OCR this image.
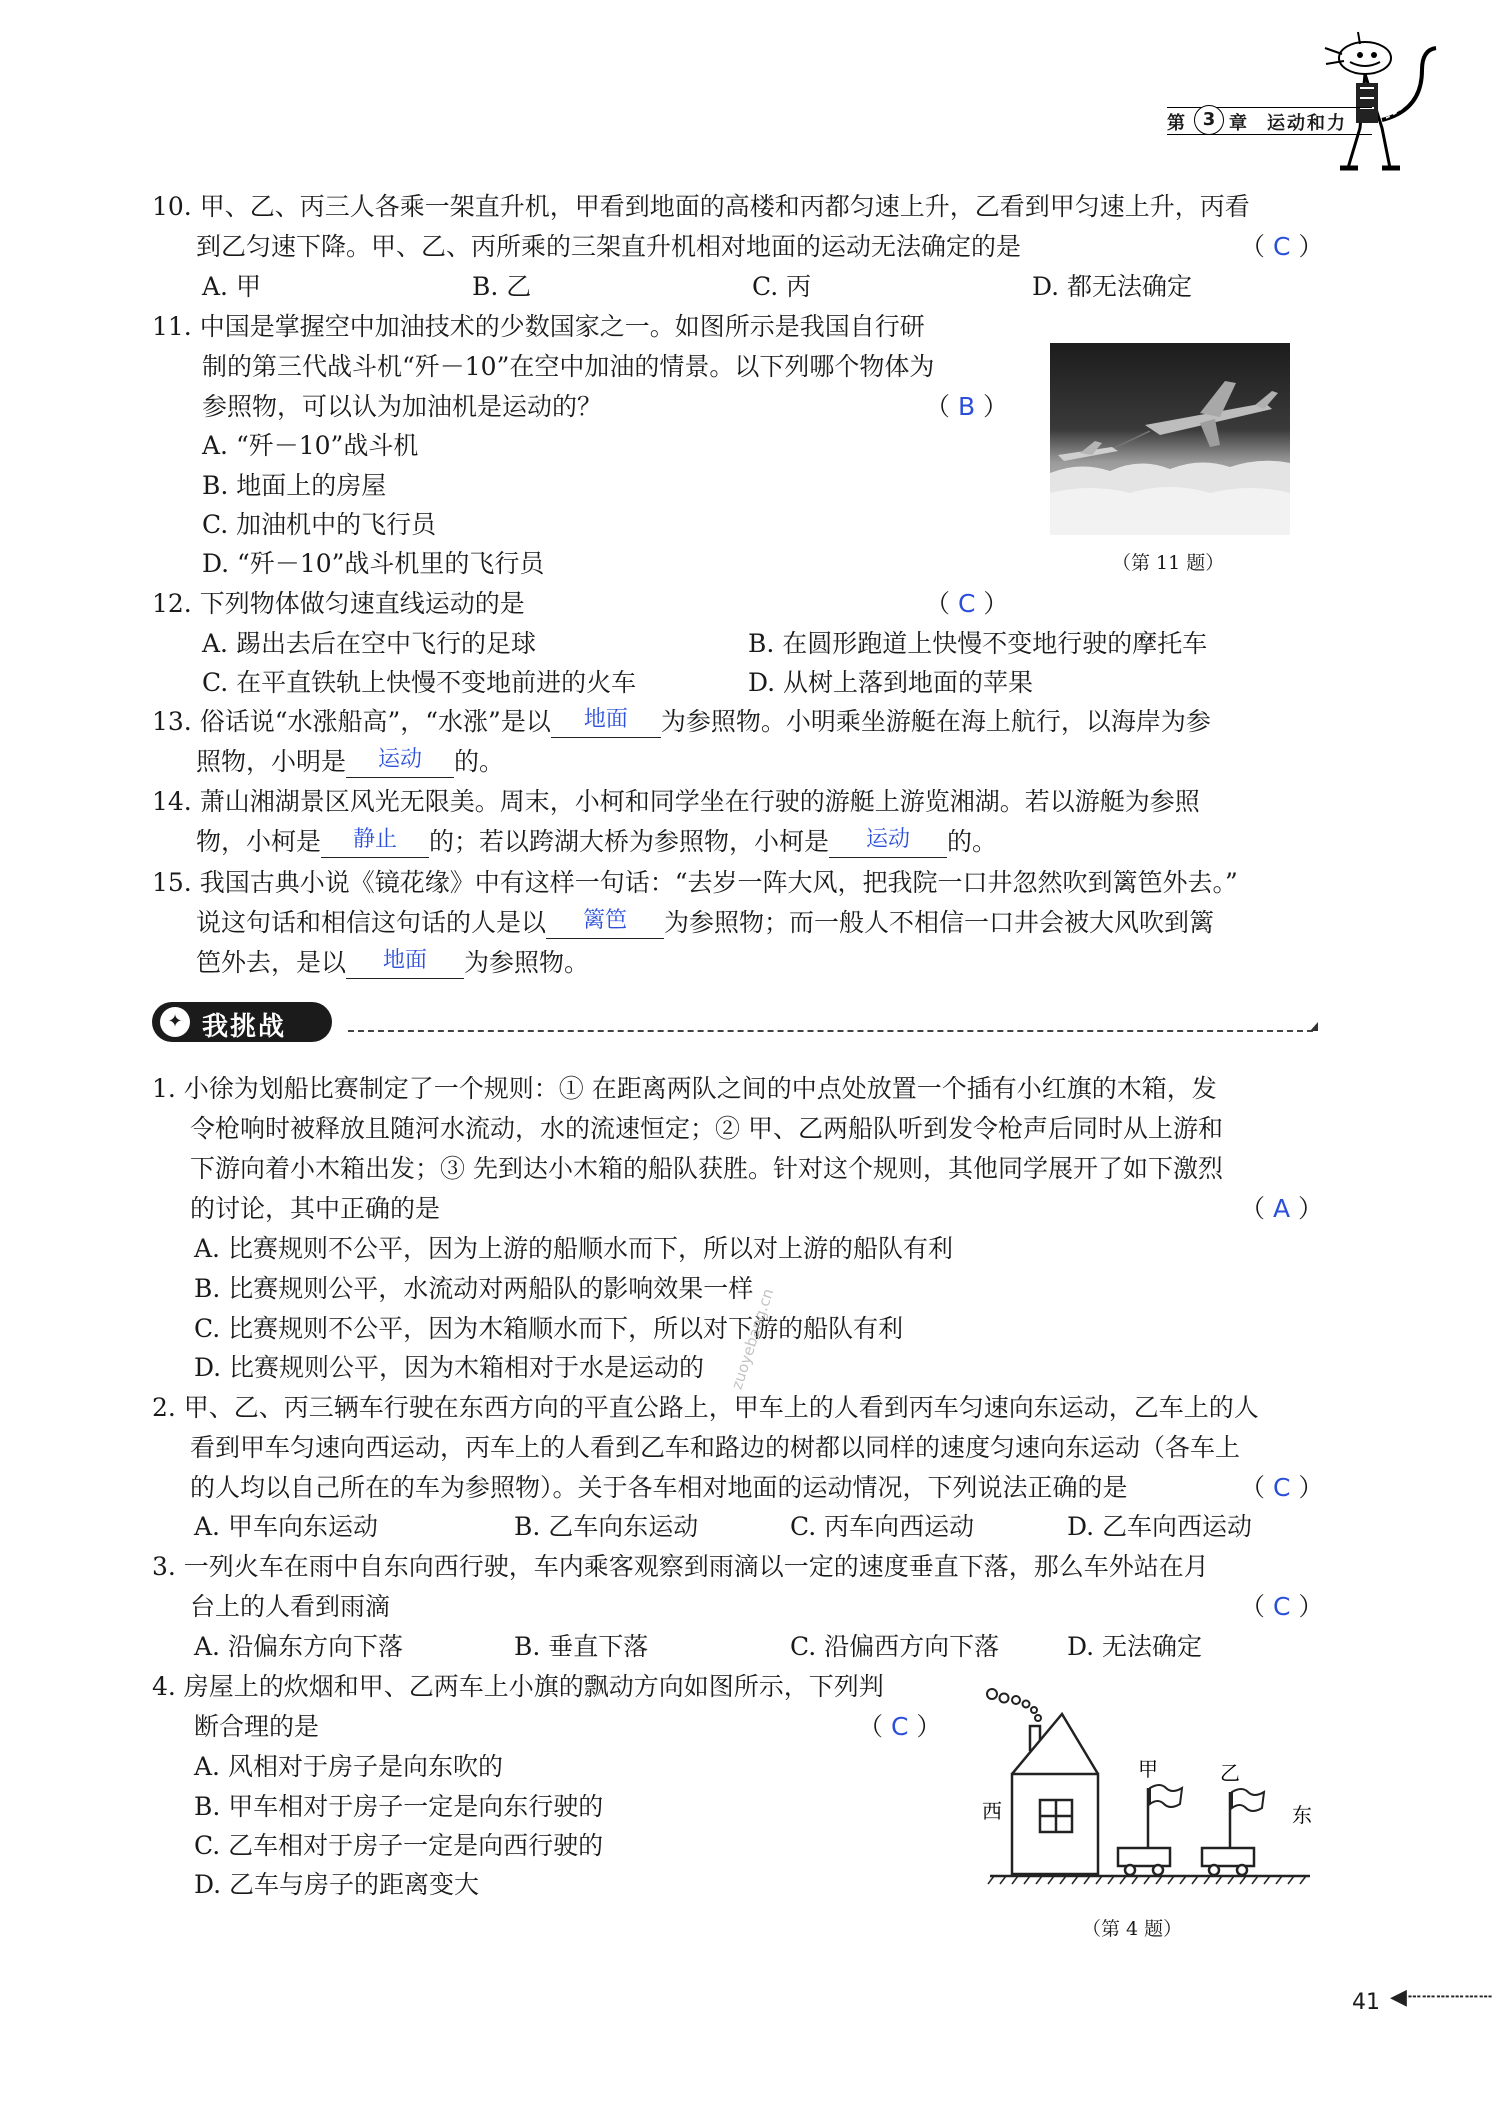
第 3 章 运动和力
10. 甲、乙、丙三人各乘一架直升机，甲看到地面的高楼和丙都匀速上升，乙看到甲匀速上升，丙看
到乙匀速下降。甲、乙、丙所乘的三架直升机相对地面的运动无法确定的是	（ C ）
A. 甲	B. 乙	C. 丙	D. 都无法确定
11. 中国是掌握空中加油技术的少数国家之一。如图所示是我国自行研
制的第三代战斗机“歼－10”在空中加油的情景。以下列哪个物体为
参照物，可以认为加油机是运动的？	（ B ）
A. “歼－10”战斗机
B. 地面上的房屋
C. 加油机中的飞行员
D. “歼－10”战斗机里的飞行员	（第 11 题）
12. 下列物体做匀速直线运动的是	（ C ）
A. 踢出去后在空中飞行的足球	B. 在圆形跑道上快慢不变地行驶的摩托车
C. 在平直铁轨上快慢不变地前进的火车	D. 从树上落到地面的苹果
13. 俗话说“水涨船高”，“水涨”是以 地面 为参照物。小明乘坐游艇在海上航行，以海岸为参
照物，小明是 运动 的。
14. 萧山湘湖景区风光无限美。周末，小柯和同学坐在行驶的游艇上游览湘湖。若以游艇为参照
物，小柯是 静止 的；若以跨湖大桥为参照物，小柯是 运动 的。
15. 我国古典小说《镜花缘》中有这样一句话：“去岁一阵大风，把我院一口井忽然吹到篱笆外去。”
说这句话和相信这句话的人是以 篱笆 为参照物；而一般人不相信一口井会被大风吹到篱
笆外去，是以 地面 为参照物。
✦ 我挑战
1. 小徐为划船比赛制定了一个规则：① 在距离两队之间的中点处放置一个插有小红旗的木箱，发
令枪响时被释放且随河水流动，水的流速恒定；② 甲、乙两船队听到发令枪声后同时从上游和
下游向着小木箱出发；③ 先到达小木箱的船队获胜。针对这个规则，其他同学展开了如下激烈
的讨论，其中正确的是	（ A ）
A. 比赛规则不公平，因为上游的船顺水而下，所以对上游的船队有利
B. 比赛规则公平，水流动对两船队的影响效果一样
C. 比赛规则不公平，因为木箱顺水而下，所以对下游的船队有利
D. 比赛规则公平，因为木箱相对于水是运动的 zuoyebang.cn
2. 甲、乙、丙三辆车行驶在东西方向的平直公路上，甲车上的人看到丙车匀速向东运动，乙车上的人
看到甲车匀速向西运动，丙车上的人看到乙车和路边的树都以同样的速度匀速向东运动（各车上
的人均以自己所在的车为参照物）。关于各车相对地面的运动情况，下列说法正确的是	（ C ）
A. 甲车向东运动	B. 乙车向东运动	C. 丙车向西运动	D. 乙车向西运动
3. 一列火车在雨中自东向西行驶，车内乘客观察到雨滴以一定的速度垂直下落，那么车外站在月
台上的人看到雨滴	（ C ）
A. 沿偏东方向下落	B. 垂直下落	C. 沿偏西方向下落	D. 无法确定
4. 房屋上的炊烟和甲、乙两车上小旗的飘动方向如图所示，下列判
断合理的是	（ C ）
A. 风相对于房子是向东吹的
B. 甲车相对于房子一定是向东行驶的
C. 乙车相对于房子一定是向西行驶的
D. 乙车与房子的距离变大
西	东
甲	乙
（第 4 题）
41 ◀┄┄┄┄┄┄
